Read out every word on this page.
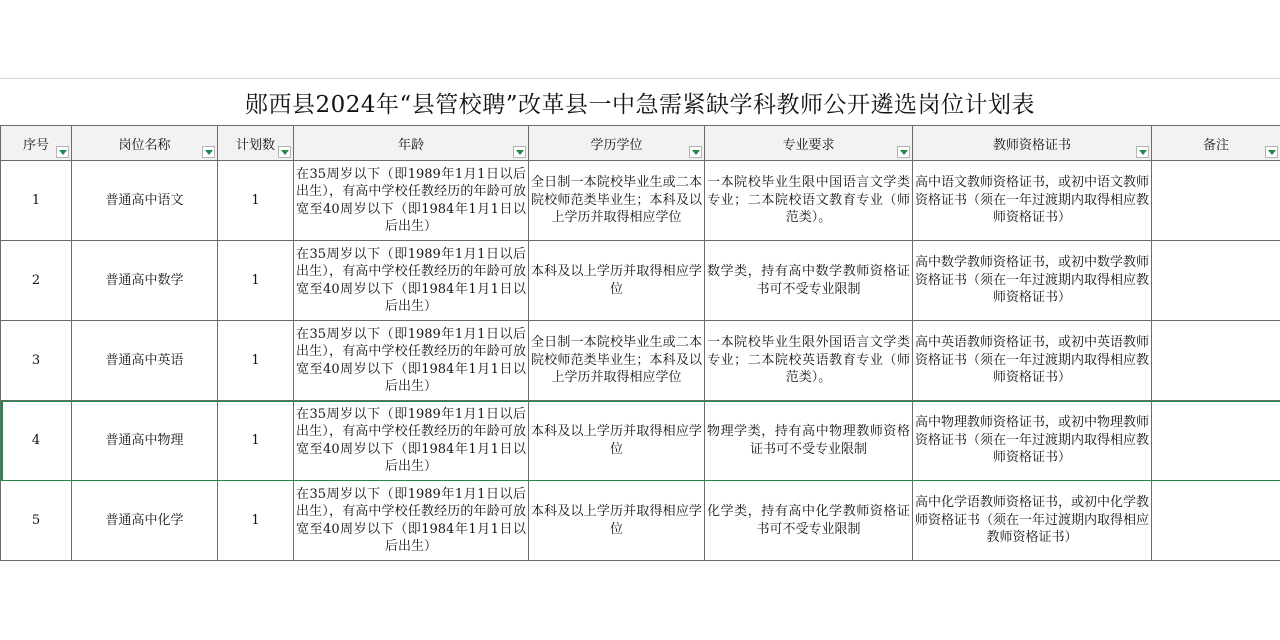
郧西县2024年“县管校聘”改革县一中急需紧缺学科教师公开遴选岗位计划表
序号	岗位名称	计划数	年龄	学历学位	专业要求	教师资格证书	备注

1	普通高中语文	1	在35周岁以下（即1989年1月1日以后出生），有高中学校任教经历的年龄可放宽至40周岁以下（即1984年1月1日以后出生）	全日制一本院校毕业生或二本院校师范类毕业生；本科及以上学历并取得相应学位	一本院校毕业生限中国语言文学类专业；二本院校语文教育专业（师范类）。	高中语文教师资格证书，或初中语文教师资格证书（须在一年过渡期内取得相应教师资格证书）	
2	普通高中数学	1	在35周岁以下（即1989年1月1日以后出生），有高中学校任教经历的年龄可放宽至40周岁以下（即1984年1月1日以后出生）	本科及以上学历并取得相应学位	数学类，持有高中数学教师资格证书可不受专业限制	高中数学教师资格证书，或初中数学教师资格证书（须在一年过渡期内取得相应教师资格证书）	
3	普通高中英语	1	在35周岁以下（即1989年1月1日以后出生），有高中学校任教经历的年龄可放宽至40周岁以下（即1984年1月1日以后出生）	全日制一本院校毕业生或二本院校师范类毕业生；本科及以上学历并取得相应学位	一本院校毕业生限外国语言文学类专业；二本院校英语教育专业（师范类）。	高中英语教师资格证书，或初中英语教师资格证书（须在一年过渡期内取得相应教师资格证书）	
4	普通高中物理	1	在35周岁以下（即1989年1月1日以后出生），有高中学校任教经历的年龄可放宽至40周岁以下（即1984年1月1日以后出生）	本科及以上学历并取得相应学位	物理学类，持有高中物理教师资格证书可不受专业限制	高中物理教师资格证书，或初中物理教师资格证书（须在一年过渡期内取得相应教师资格证书）	
5	普通高中化学	1	在35周岁以下（即1989年1月1日以后出生），有高中学校任教经历的年龄可放宽至40周岁以下（即1984年1月1日以后出生）	本科及以上学历并取得相应学位	化学类，持有高中化学教师资格证书可不受专业限制	高中化学语教师资格证书，或初中化学教师资格证书（须在一年过渡期内取得相应教师资格证书）	
